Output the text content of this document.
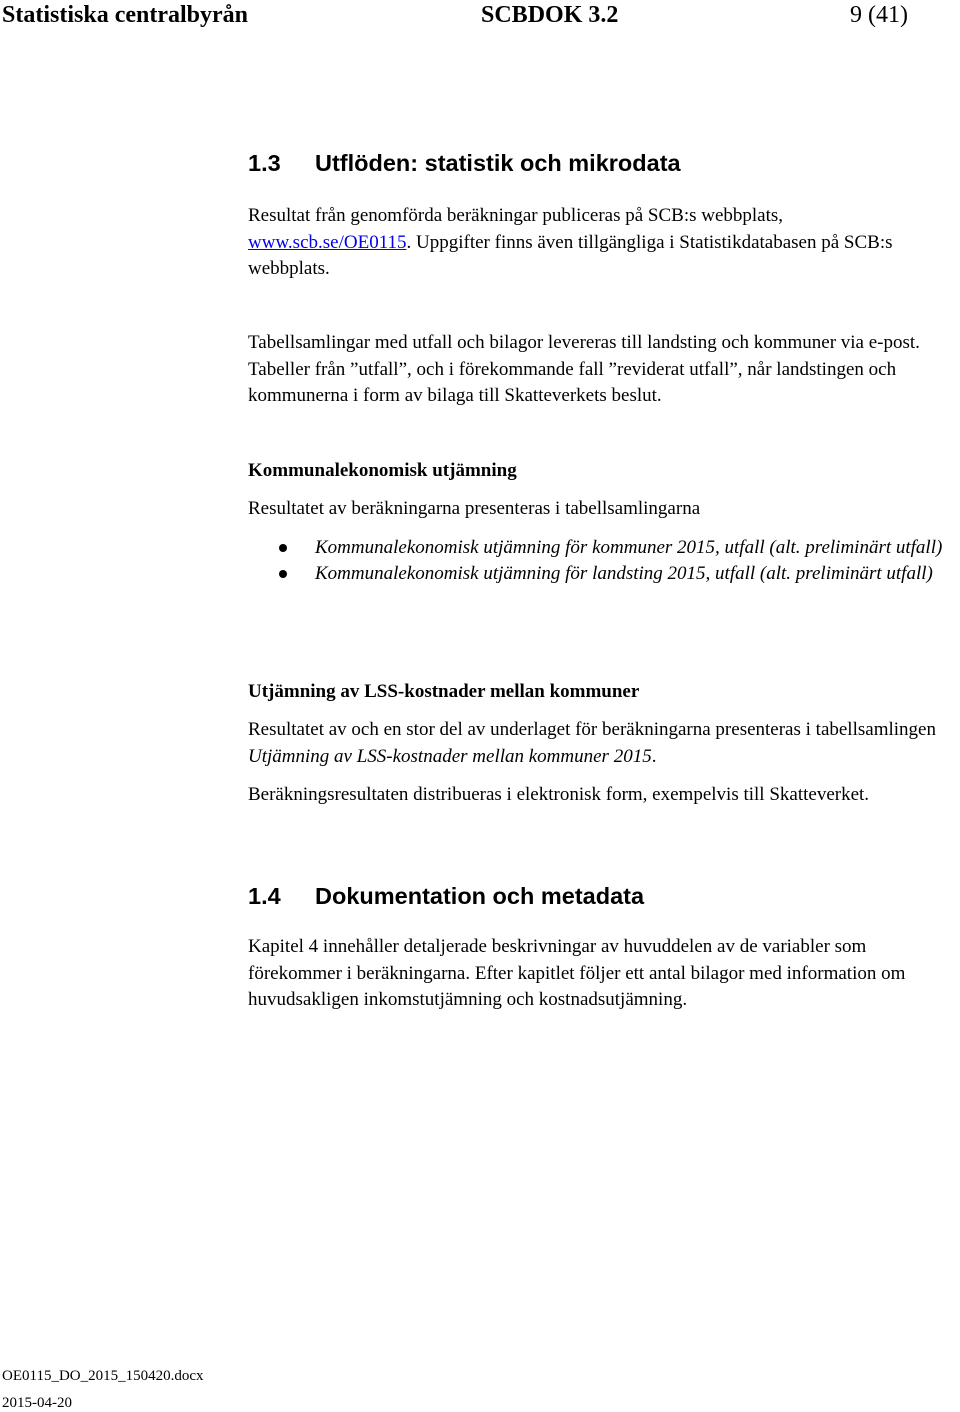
Statistiska centralbyrån	SCBDOK 3.2	9 (41)
1.3 Utflöden: statistik och mikrodata

Resultat från genomförda beräkningar publiceras på SCB:s webbplats,
www.scb.se/OE0115. Uppgifter finns även tillgängliga i Statistikdatabasen på SCB:s webbplats.

Tabellsamlingar med utfall och bilagor levereras till landsting och kommuner via e-post. Tabeller från ”utfall”, och i förekommande fall ”reviderat utfall”, når landstingen och kommunerna i form av bilaga till Skatteverkets beslut.

Kommunalekonomisk utjämning

Resultatet av beräkningarna presenteras i tabellsamlingarna

Kommunalekonomisk utjämning för kommuner 2015, utfall (alt. preliminärt utfall)
Kommunalekonomisk utjämning för landsting 2015, utfall (alt. preliminärt utfall)
Utjämning av LSS-kostnader mellan kommuner

Resultatet av och en stor del av underlaget för beräkningarna presenteras i tabellsamlingen Utjämning av LSS-kostnader mellan kommuner 2015.

Beräkningsresultaten distribueras i elektronisk form, exempelvis till Skatteverket.

1.4 Dokumentation och metadata

Kapitel 4 innehåller detaljerade beskrivningar av huvuddelen av de variabler som förekommer i beräkningarna. Efter kapitlet följer ett antal bilagor med information om huvudsakligen inkomstutjämning och kostnadsutjämning.

OE0115_DO_2015_150420.docx
2015-04-20
